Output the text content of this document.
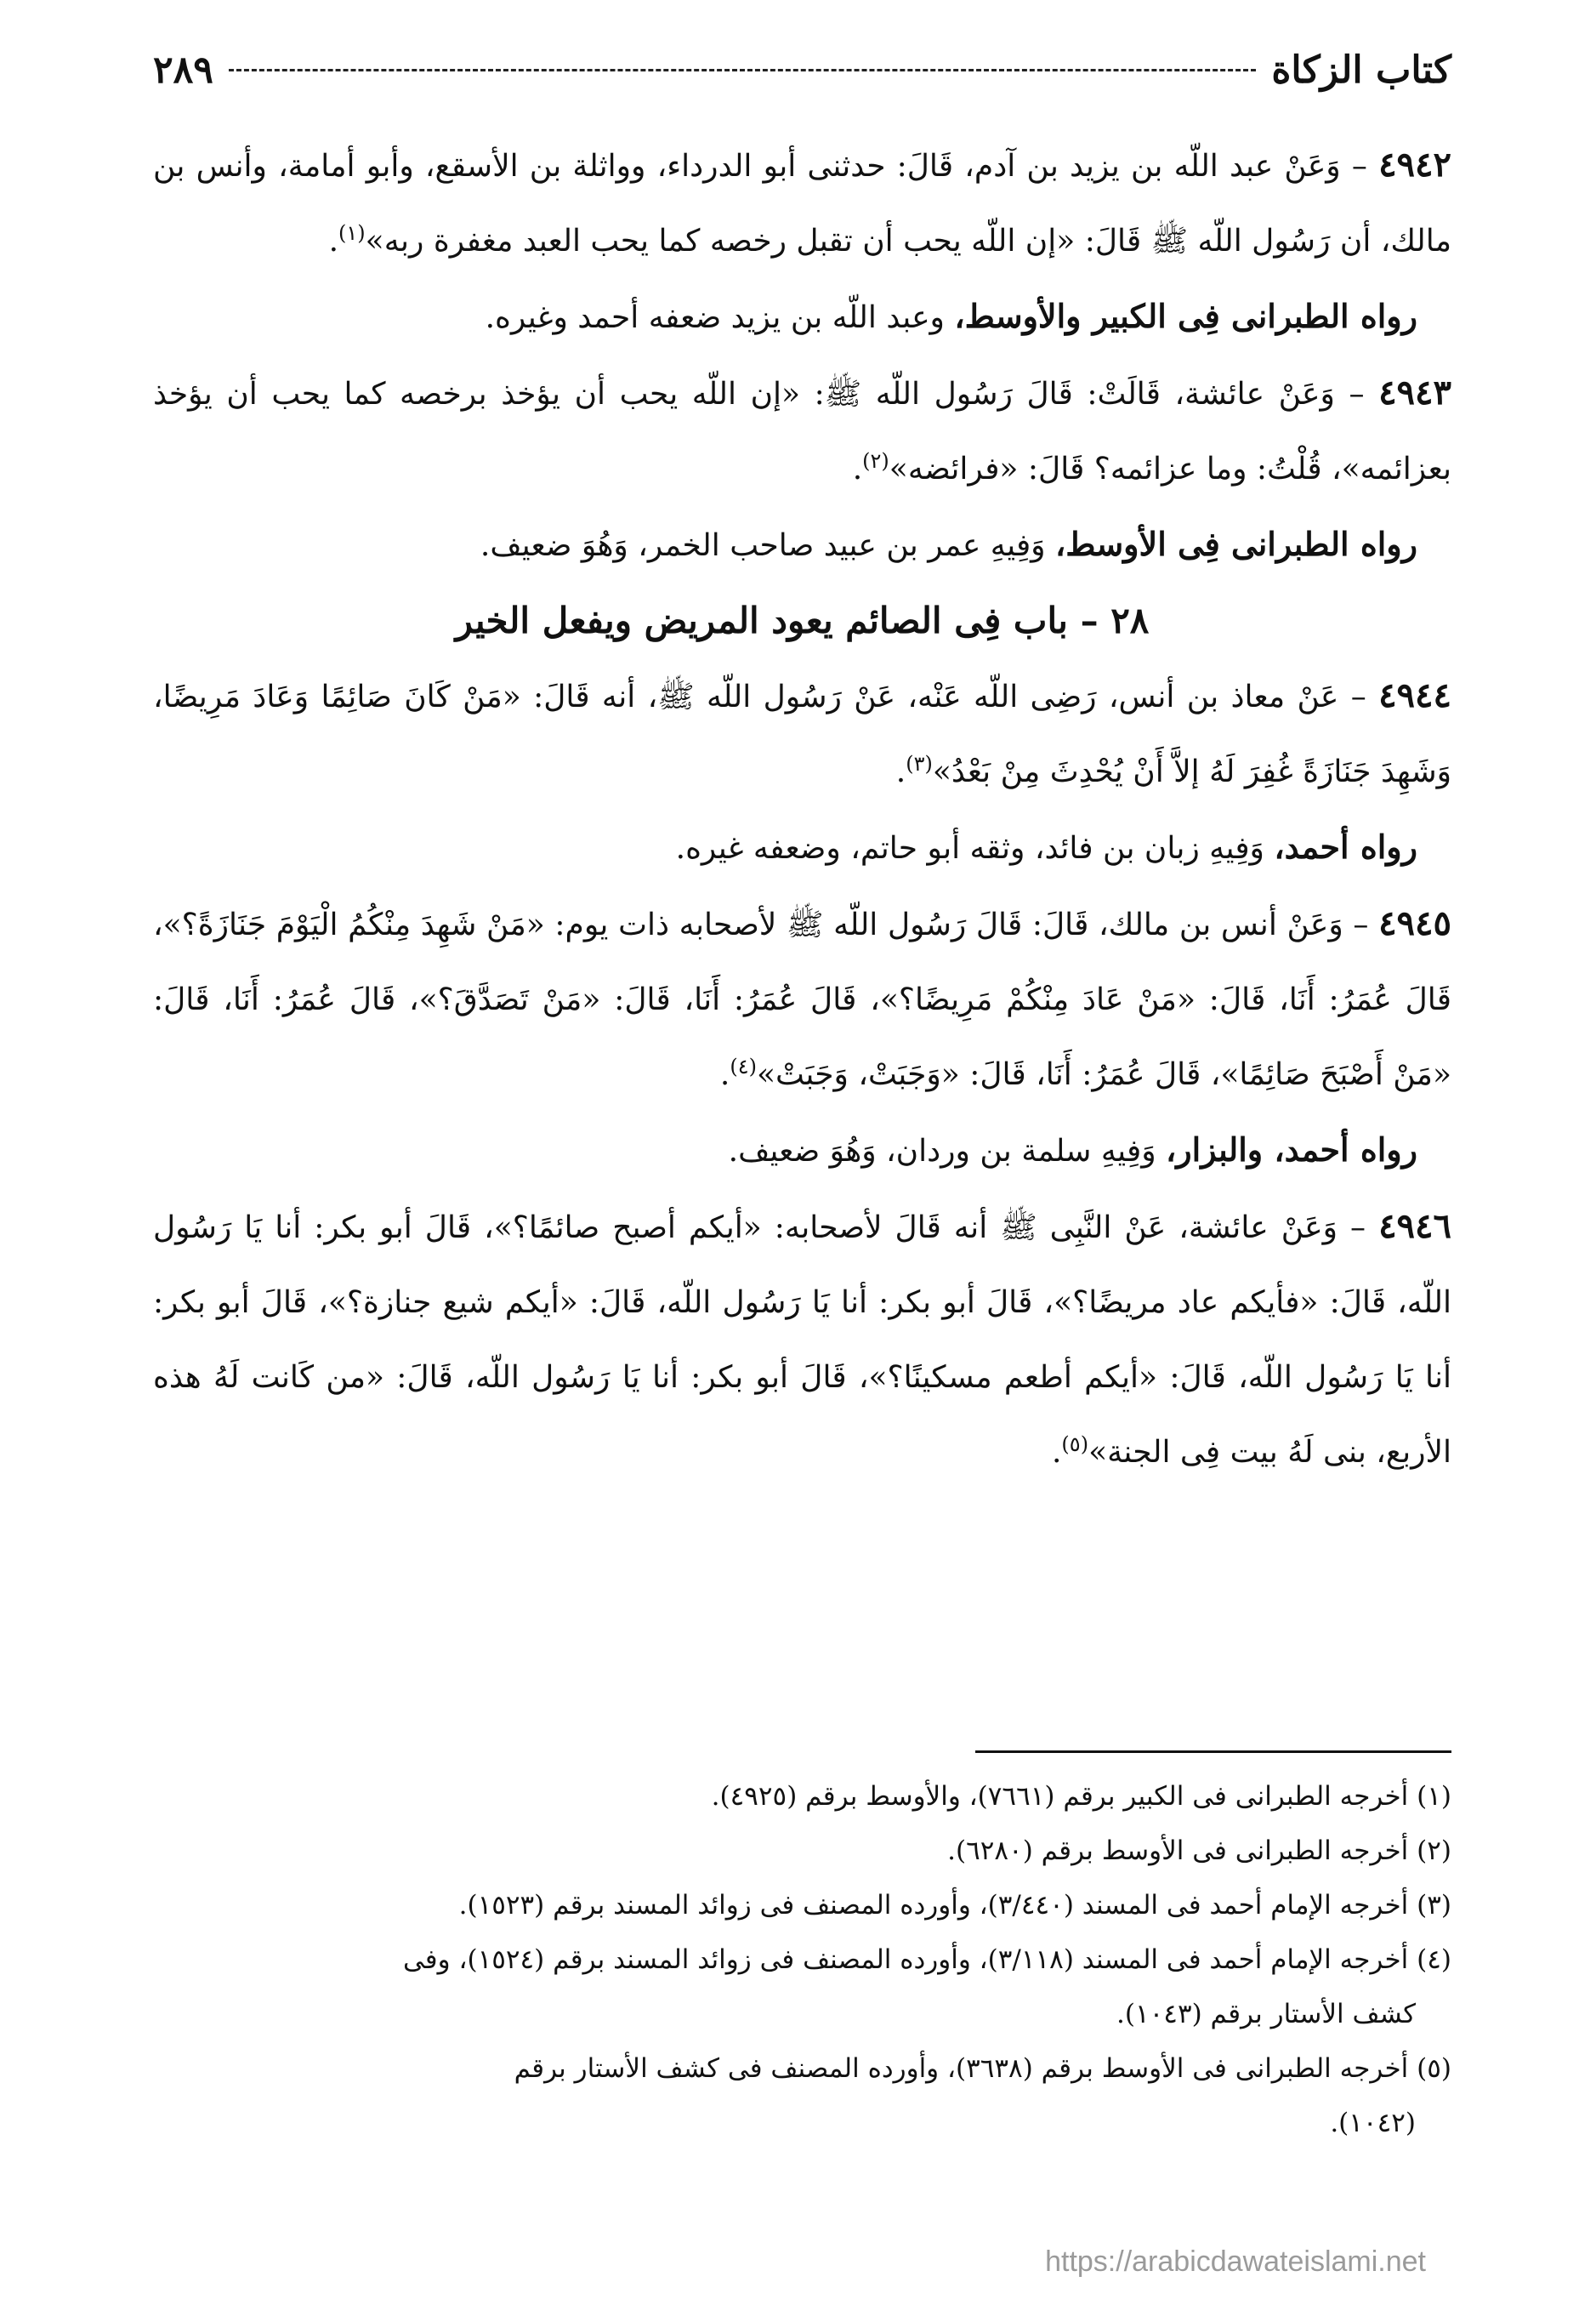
كتاب الزكاة
٢٨٩

٤٩٤٢ – وَعَنْ عبد اللّه بن يزيد بن آدم، قَالَ: حدثنى أبو الدرداء، وواثلة بن الأسقع، وأبو أمامة، وأنس بن مالك، أن رَسُول اللّه ﷺ قَالَ: «إن اللّه يحب أن تقبل رخصه كما يحب العبد مغفرة ربه»$^{(١)}$.

رواه الطبرانى فِى الكبير والأوسط، وعبد اللّه بن يزيد ضعفه أحمد وغيره.

٤٩٤٣ – وَعَنْ عائشة، قَالَتْ: قَالَ رَسُول اللّه ﷺ: «إن اللّه يحب أن يؤخذ برخصه كما يحب أن يؤخذ بعزائمه»، قُلْتُ: وما عزائمه؟ قَالَ: «فرائضه»$^{(٢)}$.

رواه الطبرانى فِى الأوسط، وَفِيهِ عمر بن عبيد صاحب الخمر، وَهُوَ ضعيف.

٢٨ – باب فِى الصائم يعود المريض ويفعل الخير

٤٩٤٤ – عَنْ معاذ بن أنس، رَضِى اللّه عَنْه، عَنْ رَسُول اللّه ﷺ، أنه قَالَ: «مَنْ كَانَ صَائِمًا وَعَادَ مَرِيضًا، وَشَهِدَ جَنَازَةً غُفِرَ لَهُ إلاَّ أَنْ يُحْدِثَ مِنْ بَعْدُ»$^{(٣)}$.

رواه أحمد، وَفِيهِ زبان بن فائد، وثقه أبو حاتم، وضعفه غيره.

٤٩٤٥ – وَعَنْ أنس بن مالك، قَالَ: قَالَ رَسُول اللّه ﷺ لأصحابه ذات يوم: «مَنْ شَهِدَ مِنْكُمُ الْيَوْمَ جَنَازَةً؟»، قَالَ عُمَرُ: أَنَا، قَالَ: «مَنْ عَادَ مِنْكُمْ مَرِيضًا؟»، قَالَ عُمَرُ: أَنَا، قَالَ: «مَنْ تَصَدَّقَ؟»، قَالَ عُمَرُ: أَنَا، قَالَ: «مَنْ أَصْبَحَ صَائِمًا»، قَالَ عُمَرُ: أَنَا، قَالَ: «وَجَبَتْ، وَجَبَتْ»$^{(٤)}$.

رواه أحمد، والبزار، وَفِيهِ سلمة بن وردان، وَهُوَ ضعيف.

٤٩٤٦ – وَعَنْ عائشة، عَنْ النَّبِى ﷺ أنه قَالَ لأصحابه: «أيكم أصبح صائمًا؟»، قَالَ أبو بكر: أنا يَا رَسُول اللّه، قَالَ: «فأيكم عاد مريضًا؟»، قَالَ أبو بكر: أنا يَا رَسُول اللّه، قَالَ: «أيكم شيع جنازة؟»، قَالَ أبو بكر: أنا يَا رَسُول اللّه، قَالَ: «أيكم أطعم مسكينًا؟»، قَالَ أبو بكر: أنا يَا رَسُول اللّه، قَالَ: «من كَانت لَهُ هذه الأربع، بنى لَهُ بيت فِى الجنة»$^{(٥)}$.

(١) أخرجه الطبرانى فى الكبير برقم (٧٦٦١)، والأوسط برقم (٤٩٢٥).

(٢) أخرجه الطبرانى فى الأوسط برقم (٦٢٨٠).

(٣) أخرجه الإمام أحمد فى المسند (٣/٤٤٠)، وأورده المصنف فى زوائد المسند برقم (١٥٢٣).

(٤) أخرجه الإمام أحمد فى المسند (٣/١١٨)، وأورده المصنف فى زوائد المسند برقم (١٥٢٤)، وفى

كشف الأستار برقم (١٠٤٣).

(٥) أخرجه الطبرانى فى الأوسط برقم (٣٦٣٨)، وأورده المصنف فى كشف الأستار برقم

(١٠٤٢).

https://arabicdawateislami.net
